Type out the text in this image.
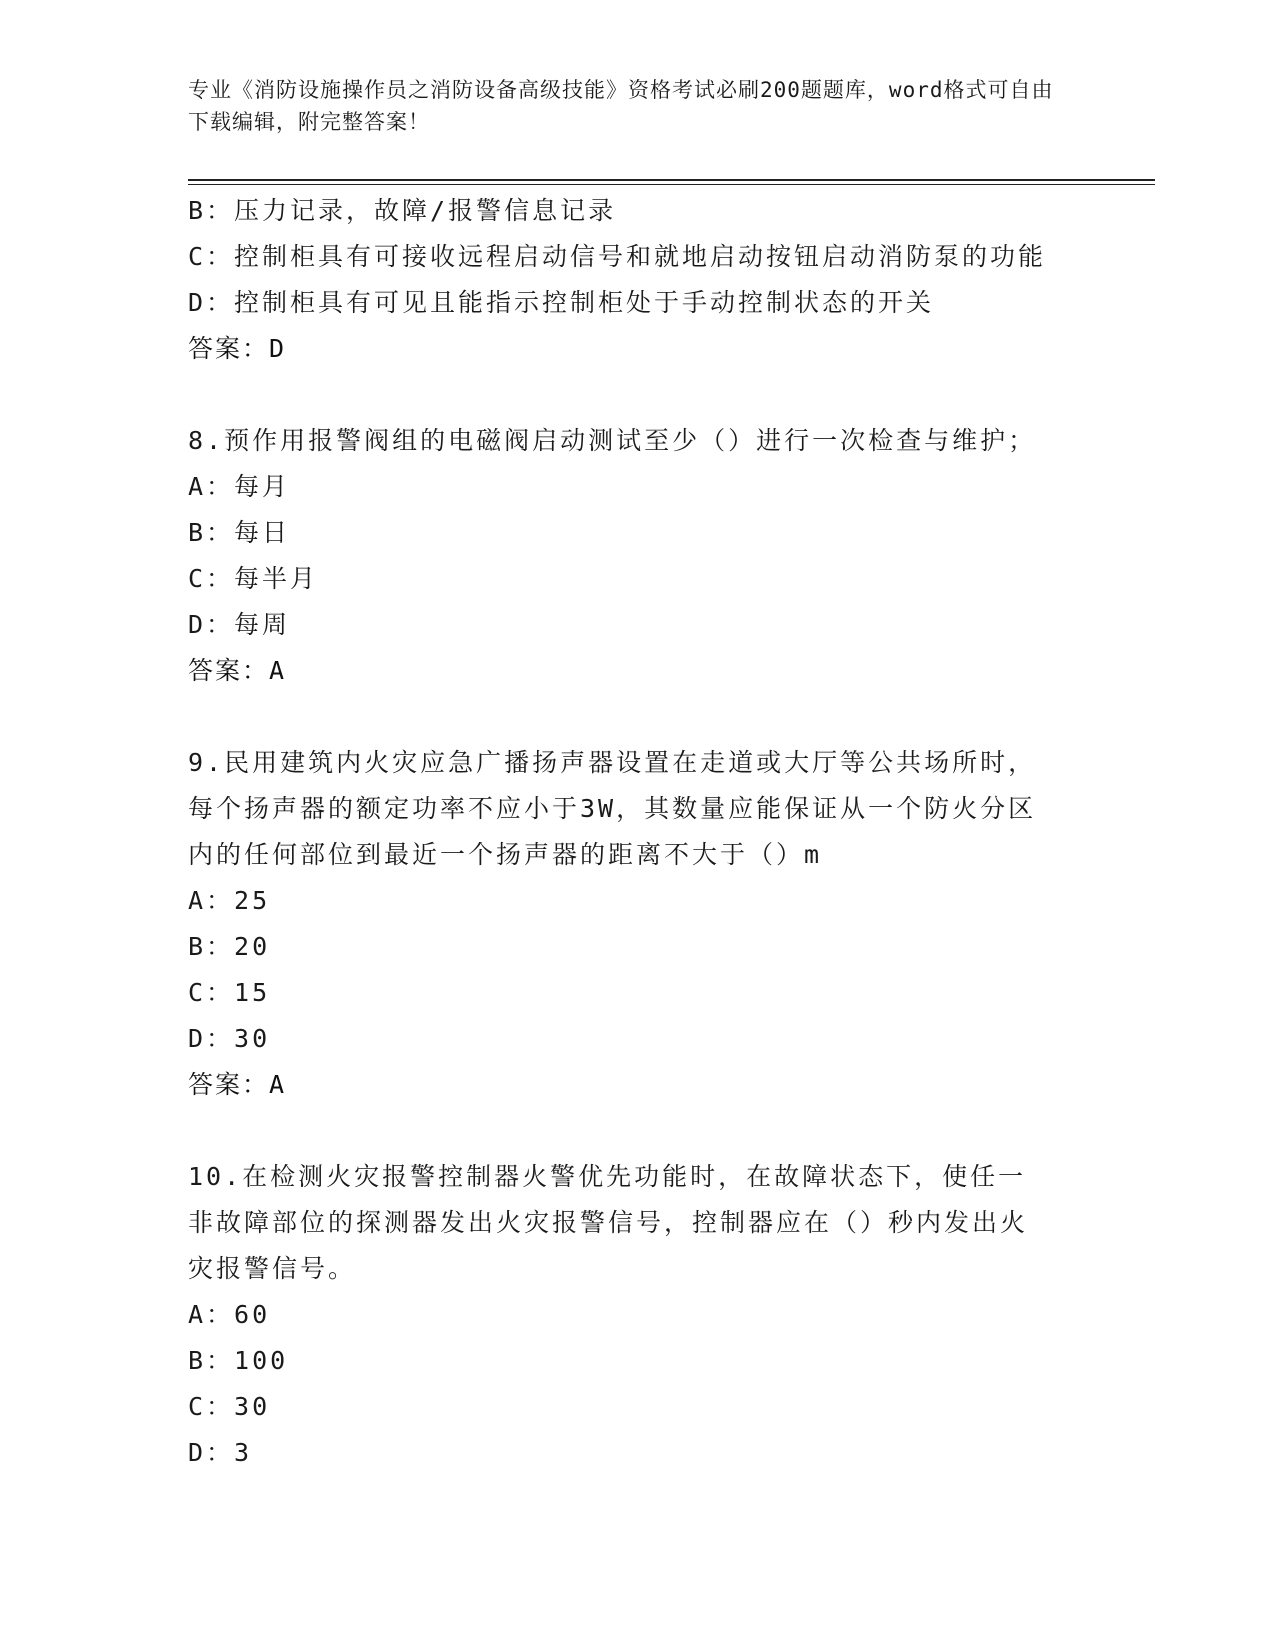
专业《消防设施操作员之消防设备高级技能》资格考试必刷200题题库，word格式可自由下载编辑，附完整答案！
B：压力记录，故障/报警信息记录
C：控制柜具有可接收远程启动信号和就地启动按钮启动消防泵的功能
D：控制柜具有可见且能指示控制柜处于手动控制状态的开关
答案：D
8.预作用报警阀组的电磁阀启动测试至少（）进行一次检查与维护；
A：每月
B：每日
C：每半月
D：每周
答案：A
9.民用建筑内火灾应急广播扬声器设置在走道或大厅等公共场所时，每个扬声器的额定功率不应小于3W，其数量应能保证从一个防火分区内的任何部位到最近一个扬声器的距离不大于（）m
A：25
B：20
C：15
D：30
答案：A
10.在检测火灾报警控制器火警优先功能时，在故障状态下，使任一非故障部位的探测器发出火灾报警信号，控制器应在（）秒内发出火灾报警信号。
A：60
B：100
C：30
D：3
